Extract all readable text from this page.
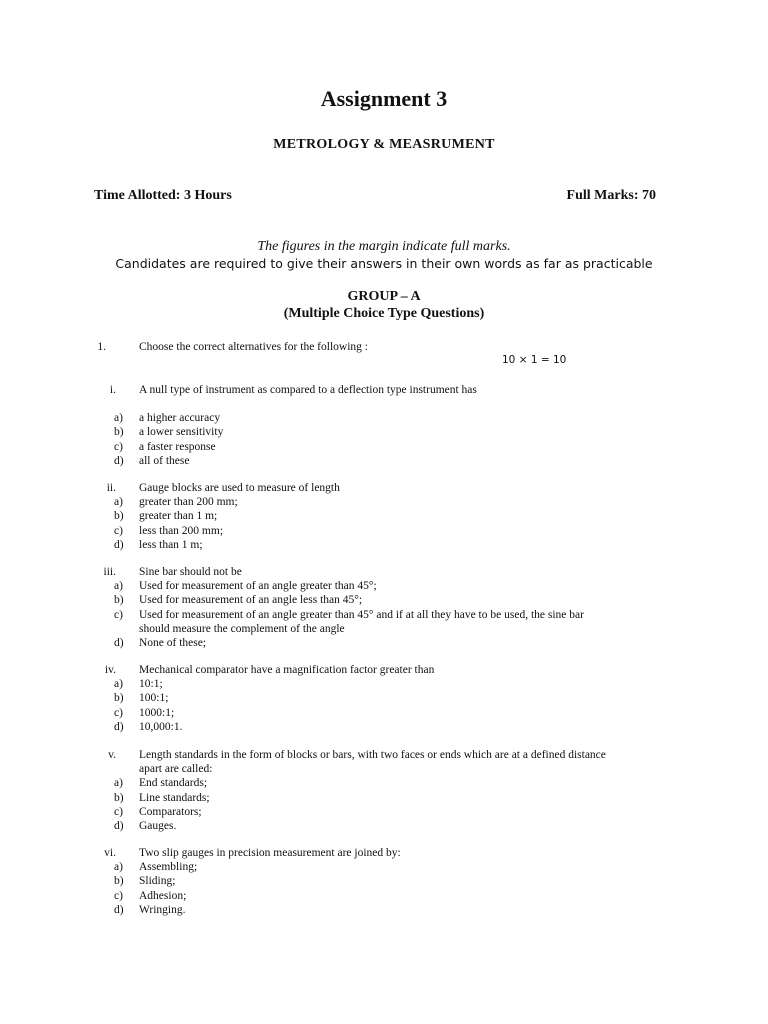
Assignment 3
METROLOGY & MEASRUMENT
Time Allotted: 3 Hours	Full Marks: 70
The figures in the margin indicate full marks.
Candidates are required to give their answers in their own words as far as practicable
GROUP – A
(Multiple Choice Type Questions)
1.	Choose the correct alternatives for the following :
10 × 1 = 10
i. A null type of instrument as compared to a deflection type instrument has
a) a higher accuracy
b) a lower sensitivity
c) a faster response
d) all of these
ii. Gauge blocks are used to measure of length
a) greater than 200 mm;
b) greater than 1 m;
c) less than 200 mm;
d) less than 1 m;
iii. Sine bar should not be
a) Used for measurement of an angle greater than 45°;
b) Used for measurement of an angle less than 45°;
c) Used for measurement of an angle greater than 45° and if at all they have to be used, the sine bar
should measure the complement of the angle
d) None of these;
iv. Mechanical comparator have a magnification factor greater than
a) 10:1;
b) 100:1;
c) 1000:1;
d) 10,000:1.
v. Length standards in the form of blocks or bars, with two faces or ends which are at a defined distance
apart are called:
a) End standards;
b) Line standards;
c) Comparators;
d) Gauges.
vi. Two slip gauges in precision measurement are joined by:
a) Assembling;
b) Sliding;
c) Adhesion;
d) Wringing.
